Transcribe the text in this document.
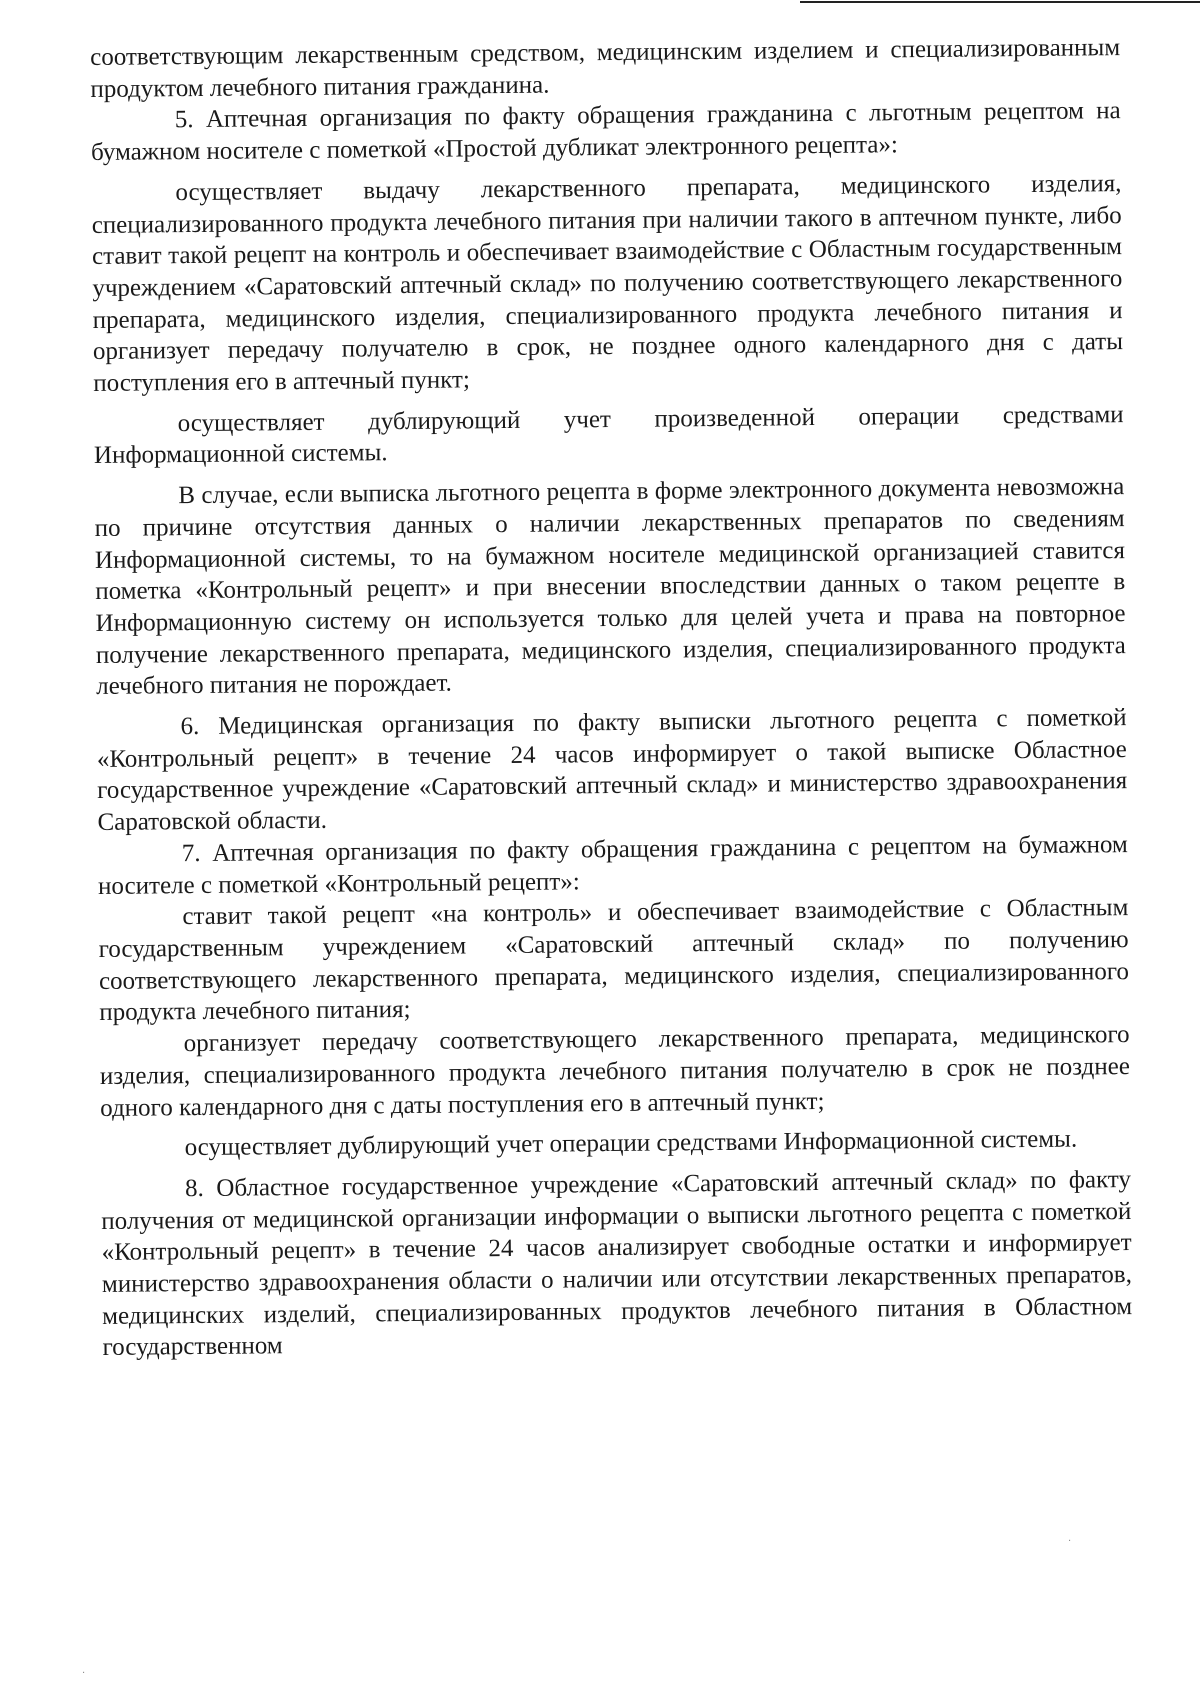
соответствующим лекарственным средством, медицинским изделием и специализированным продуктом лечебного питания гражданина.

5. Аптечная организация по факту обращения гражданина с льготным рецептом на бумажном носителе с пометкой «Простой дубликат электронного рецепта»:

осуществляет выдачу лекарственного препарата, медицинского изделия, специализированного продукта лечебного питания при наличии такого в аптечном пункте, либо ставит такой рецепт на контроль и обеспечивает взаимодействие с Областным государственным учреждением «Саратовский аптечный склад» по получению соответствующего лекарственного препарата, медицинского изделия, специализированного продукта лечебного питания и организует передачу получателю в срок, не позднее одного календарного дня с даты поступления его в аптечный пункт;

осуществляет дублирующий учет произведенной операции средствами Информационной системы.

В случае, если выписка льготного рецепта в форме электронного документа невозможна по причине отсутствия данных о наличии лекарственных препаратов по сведениям Информационной системы, то на бумажном носителе медицинской организацией ставится пометка «Контрольный рецепт» и при внесении впоследствии данных о таком рецепте в Информационную систему он используется только для целей учета и права на повторное получение лекарственного препарата, медицинского изделия, специализированного продукта лечебного питания не порождает.

6. Медицинская организация по факту выписки льготного рецепта с пометкой «Контрольный рецепт» в течение 24 часов информирует о такой выписке Областное государственное учреждение «Саратовский аптечный склад» и министерство здравоохранения Саратовской области.

7. Аптечная организация по факту обращения гражданина с рецептом на бумажном носителе с пометкой «Контрольный рецепт»:

ставит такой рецепт «на контроль» и обеспечивает взаимодействие с Областным государственным учреждением «Саратовский аптечный склад» по получению соответствующего лекарственного препарата, медицинского изделия, специализированного продукта лечебного питания;

организует передачу соответствующего лекарственного препарата, медицинского изделия, специализированного продукта лечебного питания получателю в срок не позднее одного календарного дня с даты поступления его в аптечный пункт;

осуществляет дублирующий учет операции средствами Информационной системы.

8. Областное государственное учреждение «Саратовский аптечный склад» по факту получения от медицинской организации информации о выписки льготного рецепта с пометкой «Контрольный рецепт» в течение 24 часов анализирует свободные остатки и информирует министерство здравоохранения области о наличии или отсутствии лекарственных препаратов, медицинских изделий, специализированных продуктов лечебного питания в Областном государственном

·
·
